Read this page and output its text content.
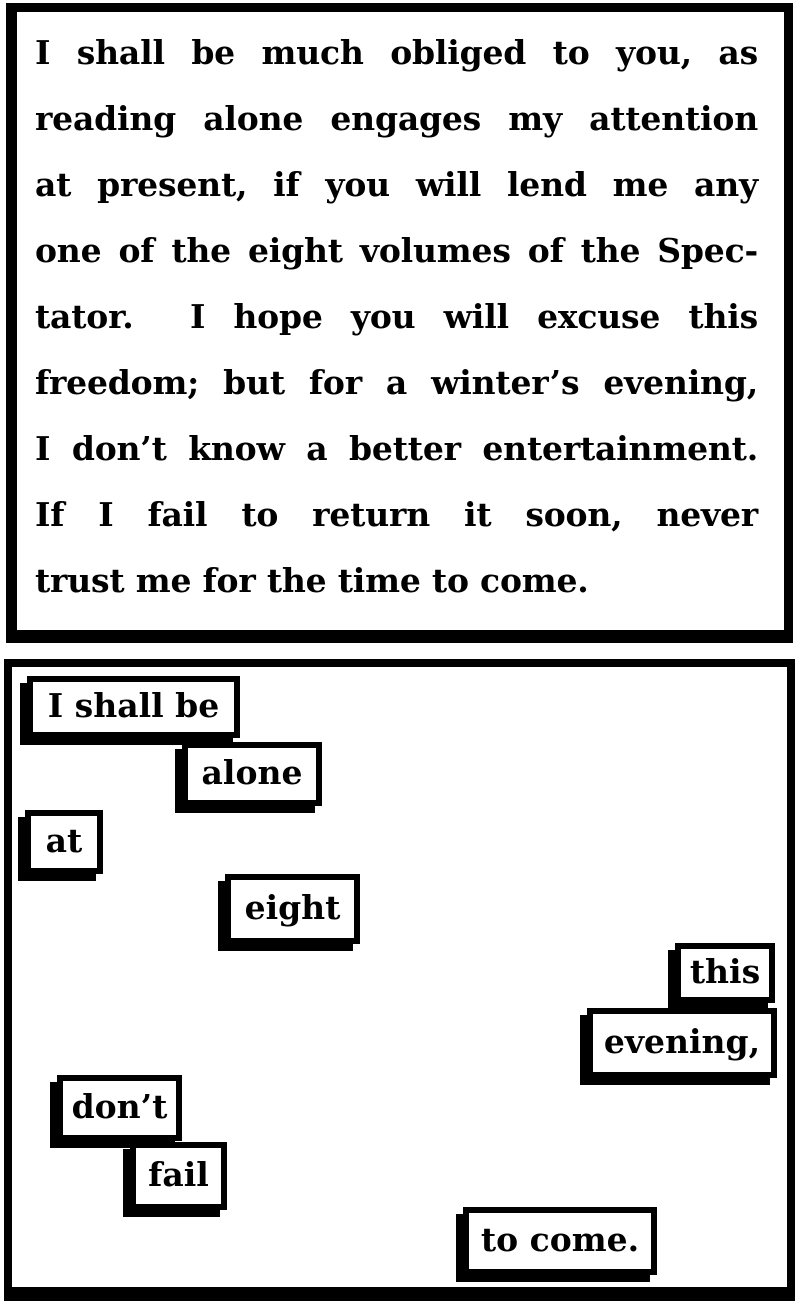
I shall be much obliged to you, as
reading alone engages my attention
at present, if you will lend me any
one of the eight volumes of the Spec-
tator.  I hope you will excuse this
freedom; but for a winter’s evening,
I don’t know a better entertainment.
If I fail to return it soon, never
trust me for the time to come.
I shall be
alone
at
eight
this
evening,
don’t
fail
to come.
